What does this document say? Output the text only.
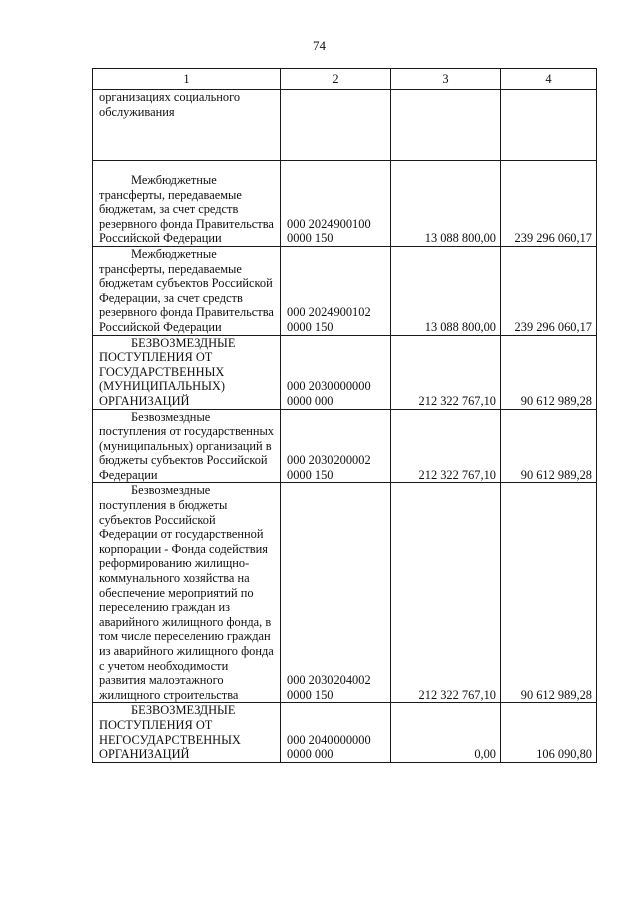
74
1	2	3	4

организациях социального обслуживания			

Межбюджетные трансферты, передаваемые бюджетам, за счет средств резервного фонда Правительства Российской Федерации	000 2024900100 0000 150	13 088 800,00	239 296 060,17

Межбюджетные трансферты, передаваемые бюджетам субъектов Российской Федерации, за счет средств резервного фонда Правительства Российской Федерации	000 2024900102 0000 150	13 088 800,00	239 296 060,17

БЕЗВОЗМЕЗДНЫЕ ПОСТУПЛЕНИЯ ОТ ГОСУДАРСТВЕННЫХ (МУНИЦИПАЛЬНЫХ) ОРГАНИЗАЦИЙ	000 2030000000 0000 000	212 322 767,10	90 612 989,28

Безвозмездные поступления от государственных (муниципальных) организаций в бюджеты субъектов Российской Федерации	000 2030200002 0000 150	212 322 767,10	90 612 989,28

Безвозмездные поступления в бюджеты субъектов Российской Федерации от государственной корпорации - Фонда содействия реформированию жилищно-коммунального хозяйства на обеспечение мероприятий по переселению граждан из аварийного жилищного фонда, в том числе переселению граждан из аварийного жилищного фонда с учетом необходимости развития малоэтажного жилищного строительства	000 2030204002 0000 150	212 322 767,10	90 612 989,28

БЕЗВОЗМЕЗДНЫЕ ПОСТУПЛЕНИЯ ОТ НЕГОСУДАРСТВЕННЫХ ОРГАНИЗАЦИЙ	000 2040000000 0000 000	0,00	106 090,80
